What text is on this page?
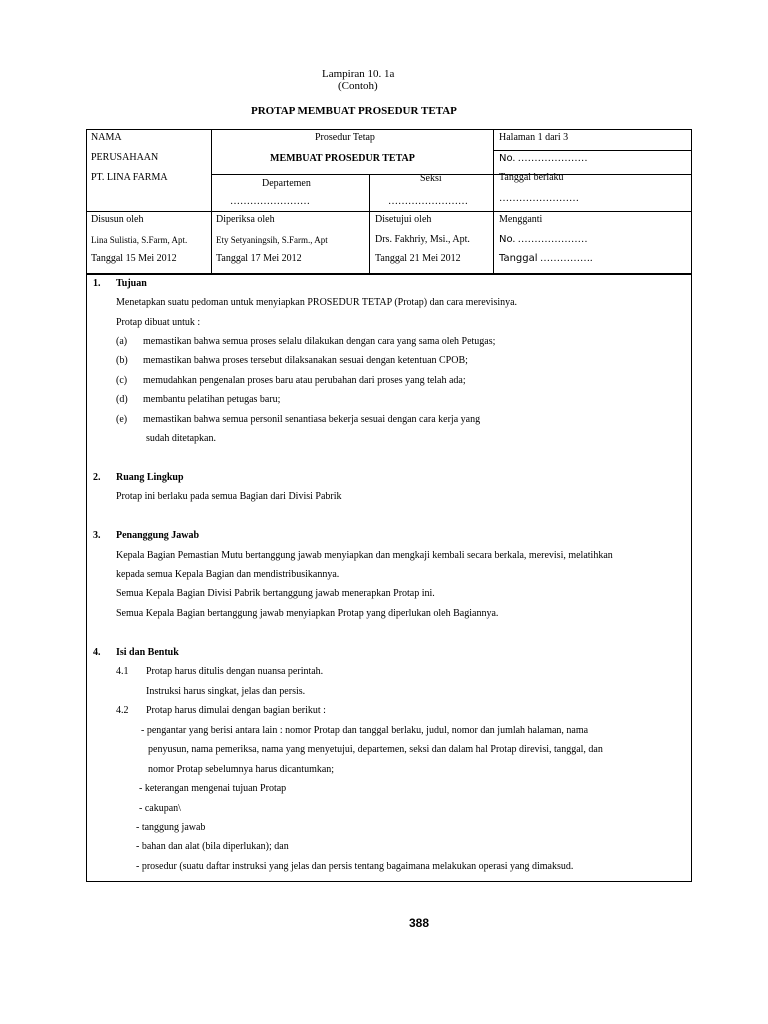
Lampiran 10. 1a
(Contoh)
PROTAP MEMBUAT PROSEDUR TETAP
NAMA
PERUSAHAAN
PT. LINA FARMA
Prosedur Tetap
MEMBUAT PROSEDUR TETAP
Departemen	Seksi
……………………	……………………
Halaman 1 dari 3
No. …………………
Tanggal berlaku
……………………
Disusun oleh
Lina Sulistia, S.Farm, Apt.
Tanggal 15 Mei 2012
Diperiksa oleh
Ety Setyaningsih, S.Farm., Apt
Tanggal 17 Mei 2012
Disetujui oleh
Drs. Fakhriy, Msi., Apt.
Tanggal 21 Mei 2012
Mengganti
No. …………………
Tanggal …………….
1. Tujuan
Menetapkan suatu pedoman untuk menyiapkan PROSEDUR TETAP (Protap) dan cara merevisinya.
Protap dibuat untuk :
(a) memastikan bahwa semua proses selalu dilakukan dengan cara yang sama oleh Petugas;
(b) memastikan bahwa proses tersebut dilaksanakan sesuai dengan ketentuan CPOB;
(c) memudahkan pengenalan proses baru atau perubahan dari proses yang telah ada;
(d) membantu pelatihan petugas baru;
(e) memastikan bahwa semua personil senantiasa bekerja sesuai dengan cara kerja yang
sudah ditetapkan.
2. Ruang Lingkup
Protap ini berlaku pada semua Bagian dari Divisi Pabrik
3. Penanggung Jawab
Kepala Bagian Pemastian Mutu bertanggung jawab menyiapkan dan mengkaji kembali secara berkala, merevisi, melatihkan
kepada semua Kepala Bagian dan mendistribusikannya.
Semua Kepala Bagian Divisi Pabrik bertanggung jawab menerapkan Protap ini.
Semua Kepala Bagian bertanggung jawab menyiapkan Protap yang diperlukan oleh Bagiannya.
4. Isi dan Bentuk
4.1 Protap harus ditulis dengan nuansa perintah.
Instruksi harus singkat, jelas dan persis.
4.2 Protap harus dimulai dengan bagian berikut :
- pengantar yang berisi antara lain : nomor Protap dan tanggal berlaku, judul, nomor dan jumlah halaman, nama
penyusun, nama pemeriksa, nama yang menyetujui, departemen, seksi dan dalam hal Protap direvisi, tanggal, dan
nomor Protap sebelumnya harus dicantumkan;
- keterangan mengenai tujuan Protap
- cakupan\
- tanggung jawab
- bahan dan alat (bila diperlukan); dan
- prosedur (suatu daftar instruksi yang jelas dan persis tentang bagaimana melakukan operasi yang dimaksud.
388
